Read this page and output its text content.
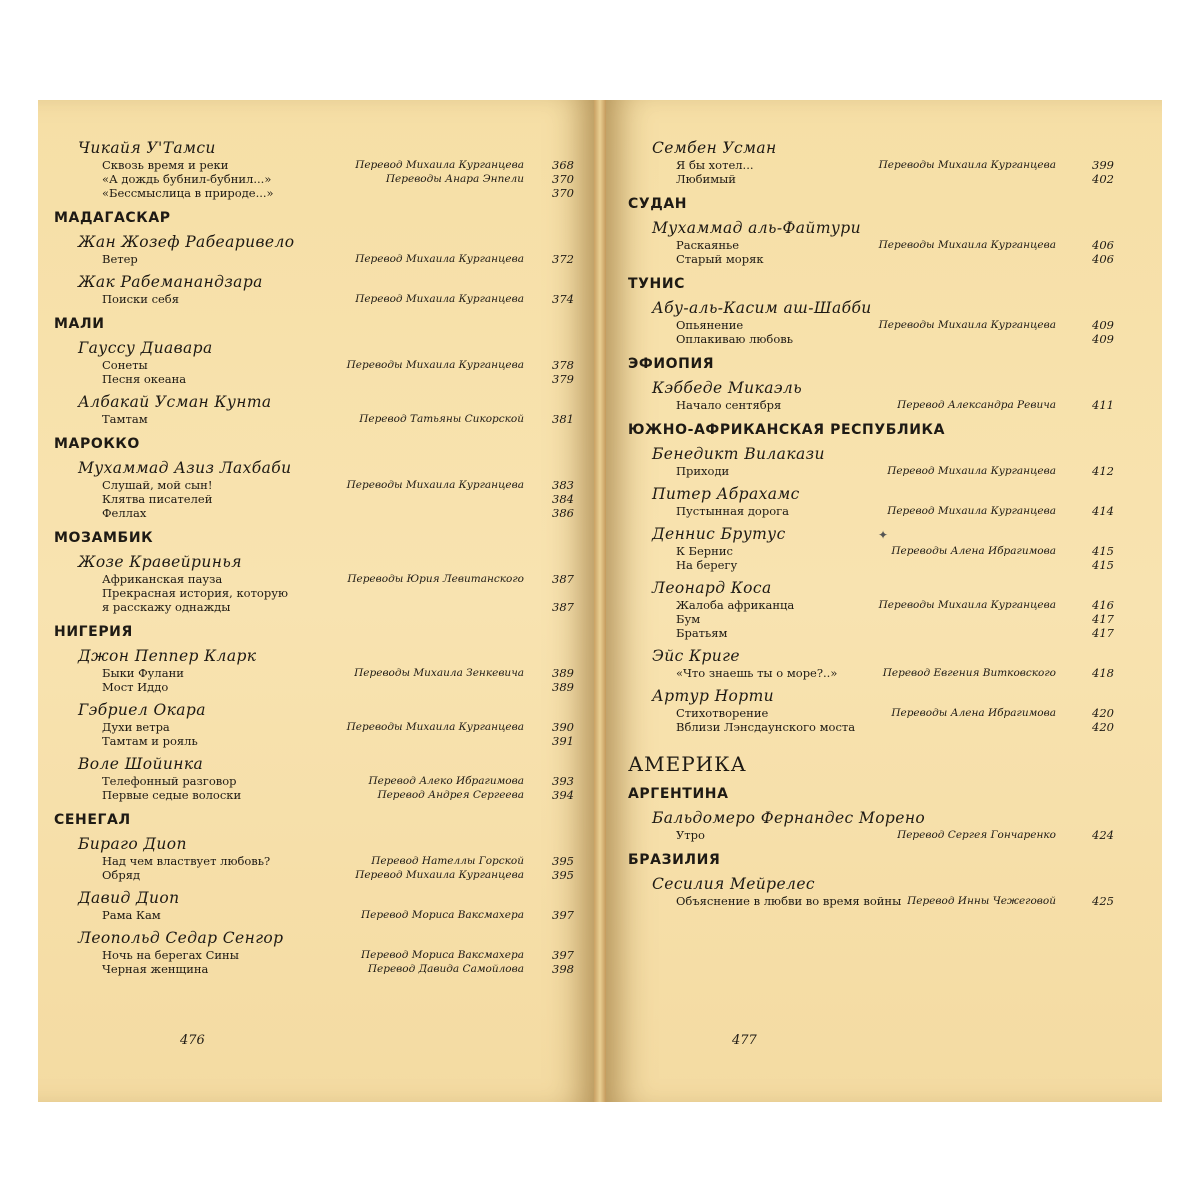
Чикайя У'Тамси
Сквозь время и реки	Перевод Михаила Курганцева	368
«А дождь бубнил-бубнил...»	Переводы Анара Энпели	370
«Бессмыслица в природе...»	370
МАДАГАСКАР
Жан Жозеф Рабеаривело
Ветер	Перевод Михаила Курганцева	372
Жак Рабеманандзара
Поиски себя	Перевод Михаила Курганцева	374
МАЛИ
Гауссу Диавара
Сонеты	Переводы Михаила Курганцева	378
Песня океана	379
Албакай Усман Кунта
Тамтам	Перевод Татьяны Сикорской	381
МАРОККО
Мухаммад Азиз Лахбаби
Слушай, мой сын!	Переводы Михаила Курганцева	383
Клятва писателей	384
Феллах	386
МОЗАМБИК
Жозе Кравейринья
Африканская пауза	Переводы Юрия Левитанского	387
Прекрасная история, которую
я расскажу однажды	387
НИГЕРИЯ
Джон Пеппер Кларк
Быки Фулани	Переводы Михаила Зенкевича	389
Мост Иддо	389
Гэбриел Окара
Духи ветра	Переводы Михаила Курганцева	390
Тамтам и рояль	391
Воле Шойинка
Телефонный разговор	Перевод Алеко Ибрагимова	393
Первые седые волоски	Перевод Андрея Сергеева	394
СЕНЕГАЛ
Бираго Диоп
Над чем властвует любовь?	Перевод Нателлы Горской	395
Обряд	Перевод Михаила Курганцева	395
Давид Диоп
Рама Кам	Перевод Мориса Ваксмахера	397
Леопольд Седар Сенгор
Ночь на берегах Сины	Перевод Мориса Ваксмахера	397
Черная женщина	Перевод Давида Самойлова	398
476
Сембен Усман
Я бы хотел...	Переводы Михаила Курганцева	399
Любимый	402
СУДАН
Мухаммад аль-Файтури
Раскаянье	Переводы Михаила Курганцева	406
Старый моряк	406
ТУНИС
Абу-аль-Касим аш-Шабби
Опьянение	Переводы Михаила Курганцева	409
Оплакиваю любовь	409
ЭФИОПИЯ
Кэббеде Микаэль
Начало сентября	Перевод Александра Ревича	411
ЮЖНО-АФРИКАНСКАЯ РЕСПУБЛИКА
Бенедикт Вилакази
Приходи	Перевод Михаила Курганцева	412
Питер Абрахамс
Пустынная дорога	Перевод Михаила Курганцева	414
Деннис Брутус
К Бернис	Переводы Алена Ибрагимова	415
На берегу	415
Леонард Коса
Жалоба африканца	Переводы Михаила Курганцева	416
Бум	417
Братьям	417
Эйс Криге
«Что знаешь ты о море?..»	Перевод Евгения Витковского	418
Артур Норти
Стихотворение	Переводы Алена Ибрагимова	420
Вблизи Лэнсдаунского моста	420
АМЕРИКА
АРГЕНТИНА
Бальдомеро Фернандес Морено
Утро	Перевод Сергея Гончаренко	424
БРАЗИЛИЯ
Сесилия Мейрелес
Объяснение в любви во время войны Перевод Инны Чежеговой	425
477
✦
